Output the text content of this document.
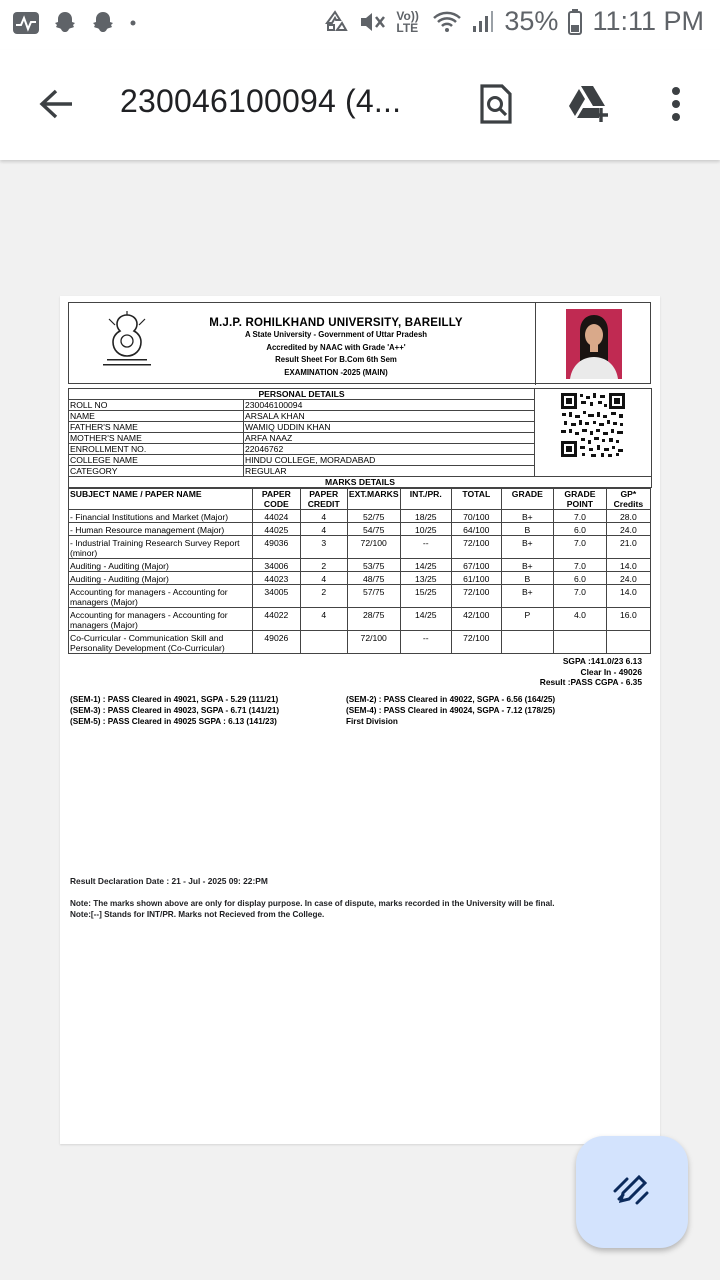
Vo)) LTE	35% 11:11 PM
230046100094 (4...
M.J.P. ROHILKHAND UNIVERSITY, BAREILLY
A State University - Government of Uttar Pradesh
Accredited by NAAC with Grade 'A++'
Result Sheet For B.Com 6th Sem
EXAMINATION -2025 (MAIN)
PERSONAL DETAILS	

ROLL NO	230046100094	
NAME	ARSALA KHAN	
FATHER'S NAME	WAMIQ UDDIN KHAN	
MOTHER'S NAME	ARFA NAAZ	
ENROLLMENT NO.	22046762	
COLLEGE NAME	HINDU COLLEGE, MORADABAD	
CATEGORY	REGULAR	
MARKS DETAILS		
SUBJECT NAME / PAPER NAME	PAPER CODE	PAPER CREDIT	EXT.MARKS	INT./PR.	TOTAL	GRADE	GRADE POINT	GP* Credits
- Financial Institutions and Market (Major)	44024	4	52/75	18/25	70/100	B+	7.0	28.0
- Human Resource management (Major)	44025	4	54/75	10/25	64/100	B	6.0	24.0
- Industrial Training Research Survey Report (minor)	49036	3	72/100	--	72/100	B+	7.0	21.0
Auditing - Auditing (Major)	34006	2	53/75	14/25	67/100	B+	7.0	14.0
Auditing - Auditing (Major)	44023	4	48/75	13/25	61/100	B	6.0	24.0
Accounting for managers - Accounting for managers (Major)	34005	2	57/75	15/25	72/100	B+	7.0	14.0
Accounting for managers - Accounting for managers (Major)	44022	4	28/75	14/25	42/100	P	4.0	16.0
Co-Curricular - Communication Skill and Personality Development (Co-Curricular)	49026		72/100	--	72/100			
SGPA :141.0/23 6.13
Clear In - 49026
Result :PASS CGPA - 6.35
(SEM-1) : PASS Cleared in 49021, SGPA - 5.29 (111/21)
(SEM-3) : PASS Cleared in 49023, SGPA - 6.71 (141/21)
(SEM-5) : PASS Cleared in 49025 SGPA : 6.13 (141/23)
(SEM-2) : PASS Cleared in 49022, SGPA - 6.56 (164/25)
(SEM-4) : PASS Cleared in 49024, SGPA - 7.12 (178/25)
First Division
Result Declaration Date : 21 - Jul - 2025 09: 22:PM
Note: The marks shown above are only for display purpose. In case of dispute, marks recorded in the University will be final.
Note:[--] Stands for INT/PR. Marks not Recieved from the College.
